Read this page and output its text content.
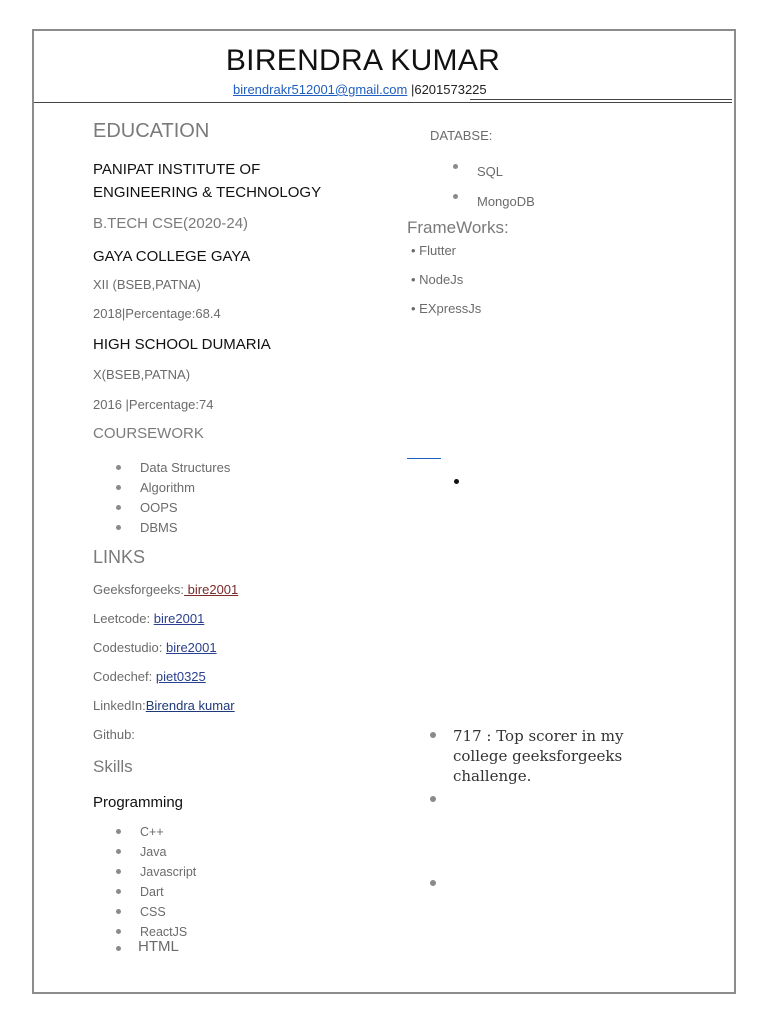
BIRENDRA KUMAR
birendrakr512001@gmail.com |6201573225
EDUCATION
PANIPAT INSTITUTE OF
ENGINEERING & TECHNOLOGY
B.TECH CSE(2020-24)
GAYA COLLEGE GAYA
XII (BSEB,PATNA)
2018|Percentage:68.4
HIGH SCHOOL DUMARIA
X(BSEB,PATNA)
2016 |Percentage:74
COURSEWORK
Data Structures
Algorithm
OOPS
DBMS
LINKS
Geeksforgeeks: bire2001
Leetcode: bire2001
Codestudio: bire2001
Codechef: piet0325
LinkedIn:Birendra kumar
Github:
Skills
Programming
C++
Java
Javascript
Dart
CSS
ReactJS
HTML
DATABSE:
SQL
MongoDB
FrameWorks:
• Flutter
• NodeJs
• EXpressJs
717 : Top scorer in my college geeksforgeeks challenge.
